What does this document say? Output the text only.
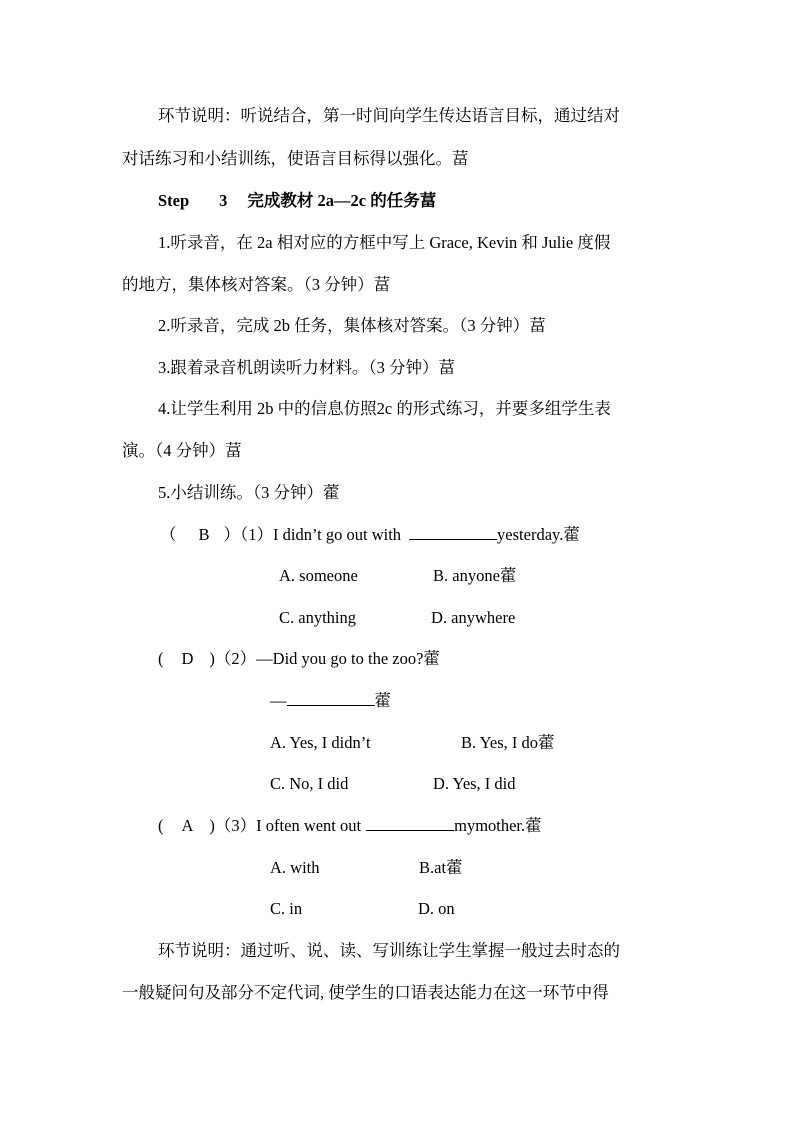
环节说明：听说结合，第一时间向学生传达语言目标，通过结对
对话练习和小结训练，使语言目标得以强化。葍
Step 3 完成教材 2a—2c 的任务葍
1.听录音，在 2a 相对应的方框中写上 Grace, Kevin 和 Julie 度假
的地方，集体核对答案。（3 分钟）葍
2.听录音，完成 2b 任务，集体核对答案。（3 分钟）葍
3.跟着录音机朗读听力材料。（3 分钟）葍
4.让学生利用 2b 中的信息仿照2c 的形式练习，并要多组学生表
演。（4 分钟）葍
5.小结训练。（3 分钟）藿
（ B ）（1）I didn’t go out with	yesterday.藿
A. someone	B. anyone藿
C. anything	D. anywhere
( D )（2）—Did you go to the zoo?藿
—	藿
A. Yes, I didn’t	B. Yes, I do藿
C. No, I did	D. Yes, I did
( A )（3）I often went out	mymother.藿
A. with	B.at藿
C. in	D. on
环节说明：通过听、说、读、写训练让学生掌握一般过去时态的
一般疑问句及部分不定代词, 使学生的口语表达能力在这一环节中得
